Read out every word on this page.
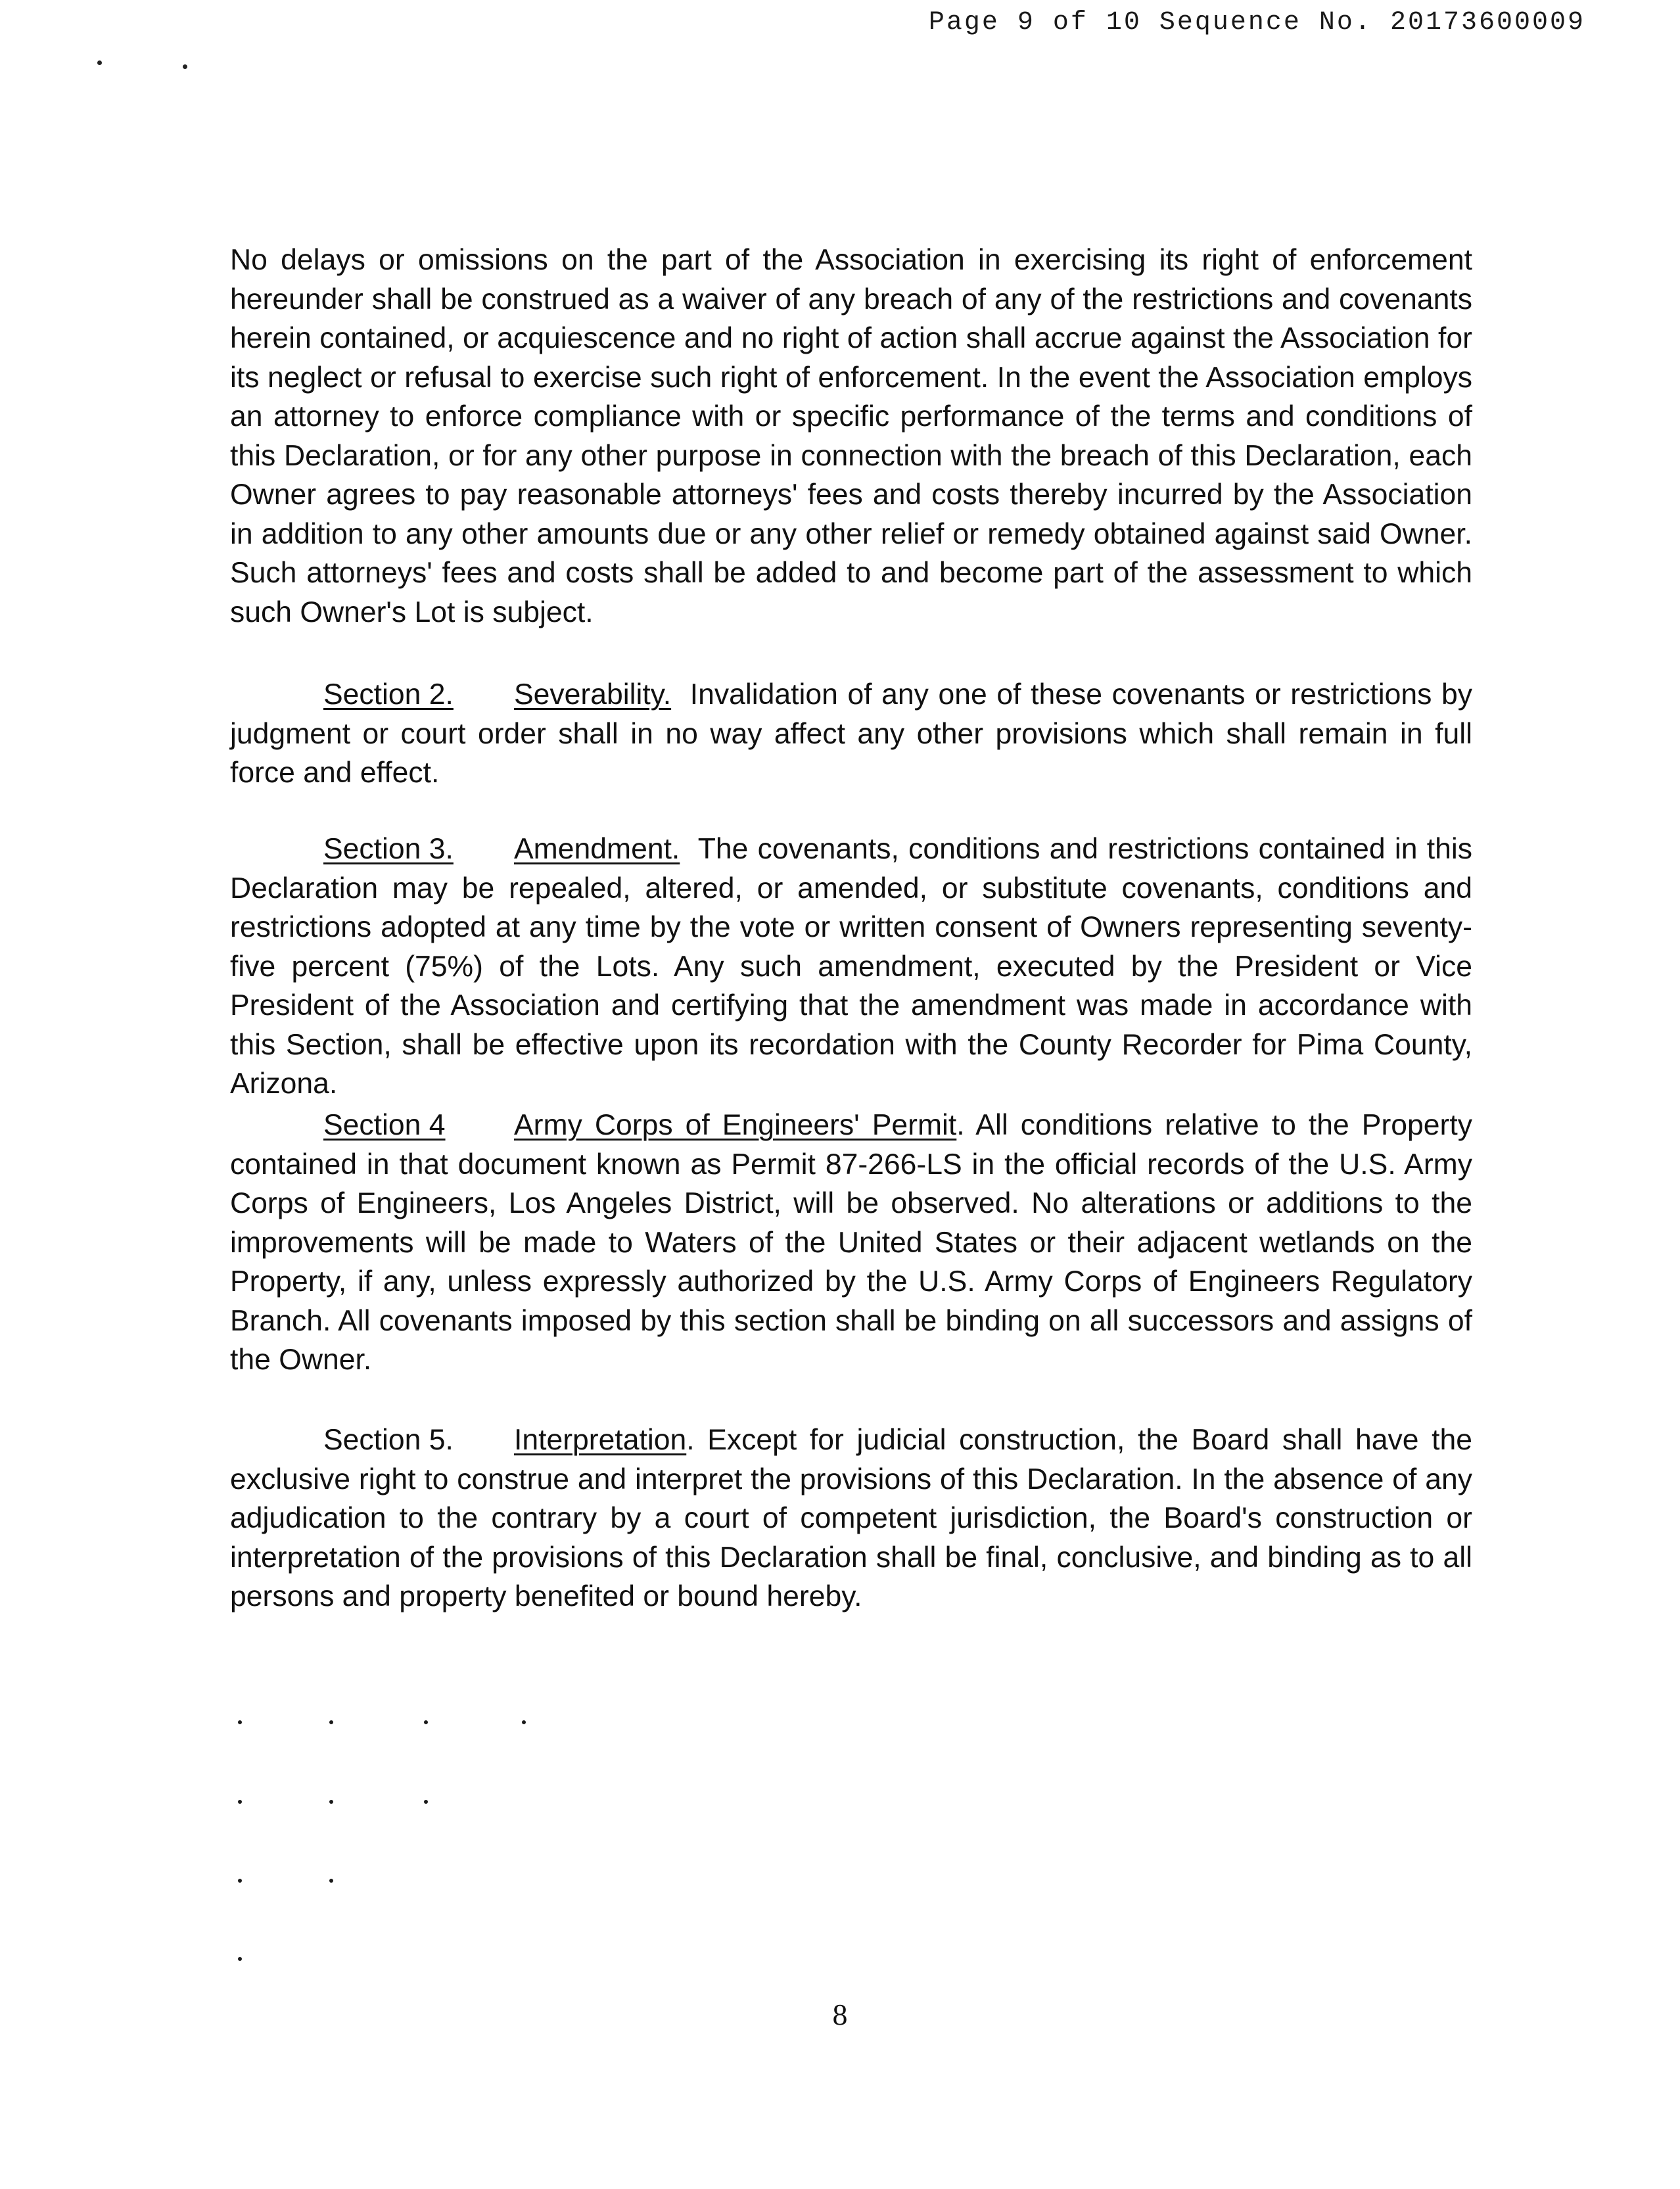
Page 9 of 10 Sequence No. 20173600009

No delays or omissions on the part of the Association in exercising its right of enforcement hereunder shall be construed as a waiver of any breach of any of the restrictions and covenants herein contained, or acquiescence and no right of action shall accrue against the Association for its neglect or refusal to exercise such right of enforcement. In the event the Association employs an attorney to enforce compliance with or specific performance of the terms and conditions of this Declaration, or for any other purpose in connection with the breach of this Declaration, each Owner agrees to pay reasonable attorneys' fees and costs thereby incurred by the Association in addition to any other amounts due or any other relief or remedy obtained against said Owner. Such attorneys' fees and costs shall be added to and become part of the assessment to which such Owner's Lot is subject.

Section 2. Severability. Invalidation of any one of these covenants or restrictions by judgment or court order shall in no way affect any other provisions which shall remain in full force and effect.

Section 3. Amendment. The covenants, conditions and restrictions contained in this Declaration may be repealed, altered, or amended, or substitute covenants, conditions and restrictions adopted at any time by the vote or written consent of Owners representing seventy-five percent (75%) of the Lots. Any such amendment, executed by the President or Vice President of the Association and certifying that the amendment was made in accordance with this Section, shall be effective upon its recordation with the County Recorder for Pima County, Arizona.

Section 4 Army Corps of Engineers' Permit. All conditions relative to the Property contained in that document known as Permit 87-266-LS in the official records of the U.S. Army Corps of Engineers, Los Angeles District, will be observed. No alterations or additions to the improvements will be made to Waters of the United States or their adjacent wetlands on the Property, if any, unless expressly authorized by the U.S. Army Corps of Engineers Regulatory Branch. All covenants imposed by this section shall be binding on all successors and assigns of the Owner.

Section 5. Interpretation. Except for judicial construction, the Board shall have the exclusive right to construe and interpret the provisions of this Declaration. In the absence of any adjudication to the contrary by a court of competent jurisdiction, the Board's construction or interpretation of the provisions of this Declaration shall be final, conclusive, and binding as to all persons and property benefited or bound hereby.

8
